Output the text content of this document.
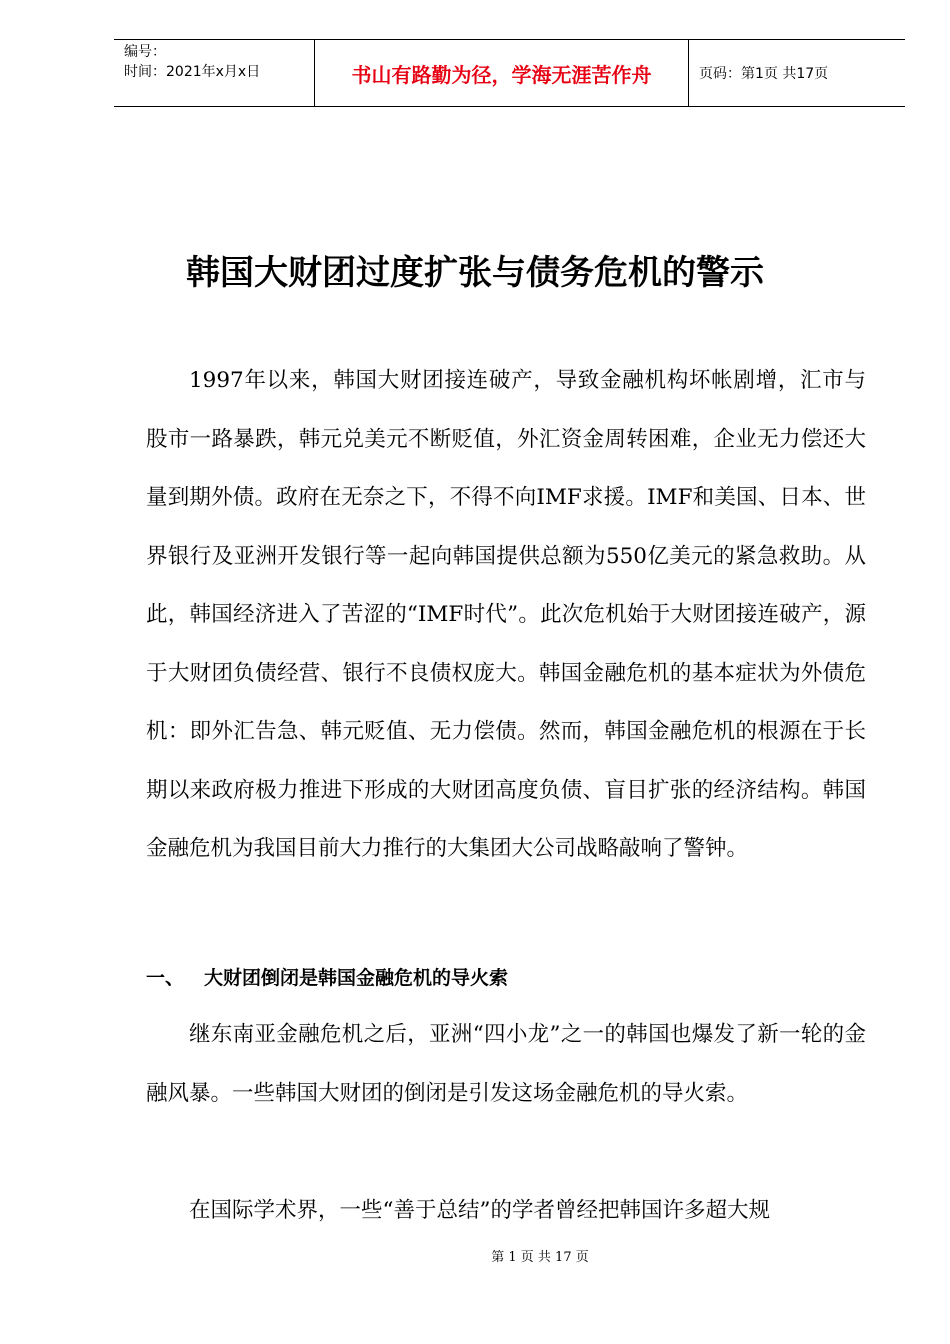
编号：
时间：2021年x月x日	书山有路勤为径，学海无涯苦作舟	页码：第1页 共17页
韩国大财团过度扩张与债务危机的警示

1997年以来，韩国大财团接连破产，导致金融机构坏帐剧增，汇市与股市一路暴跌，韩元兑美元不断贬值，外汇资金周转困难，企业无力偿还大量到期外债。政府在无奈之下，不得不向IMF求援。IMF和美国、日本、世界银行及亚洲开发银行等一起向韩国提供总额为550亿美元的紧急救助。从此，韩国经济进入了苦涩的“IMF时代”。此次危机始于大财团接连破产，源于大财团负债经营、银行不良债权庞大。韩国金融危机的基本症状为外债危机：即外汇告急、韩元贬值、无力偿债。然而，韩国金融危机的根源在于长期以来政府极力推进下形成的大财团高度负债、盲目扩张的经济结构。韩国金融危机为我国目前大力推行的大集团大公司战略敲响了警钟。

一、	大财团倒闭是韩国金融危机的导火索

继东南亚金融危机之后，亚洲“四小龙”之一的韩国也爆发了新一轮的金融风暴。一些韩国大财团的倒闭是引发这场金融危机的导火索。

在国际学术界，一些“善于总结”的学者曾经把韩国许多超大规

第 1 页 共 17 页
